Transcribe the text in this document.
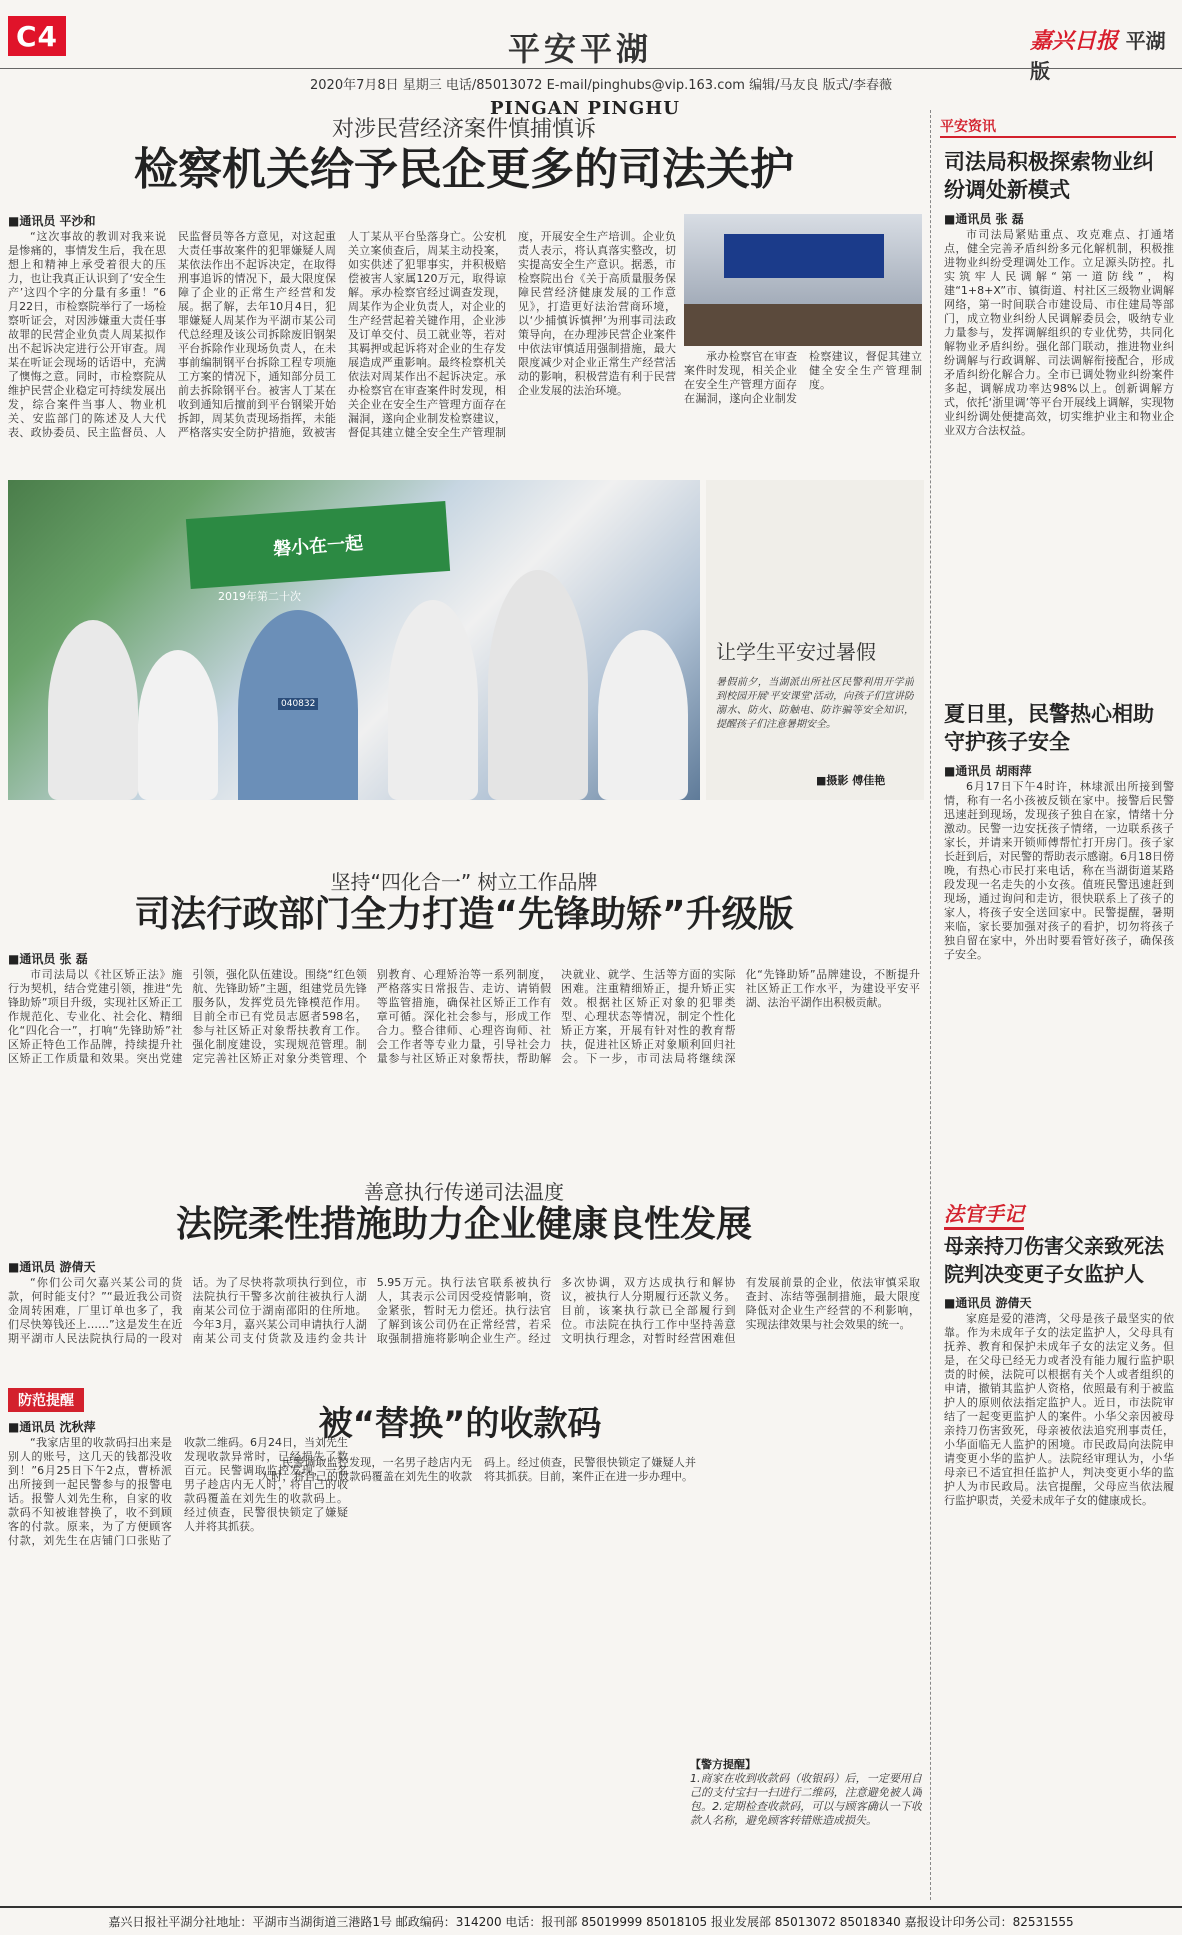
C4	平安平湖	嘉兴日报 平湖版
2020年7月8日 星期三 电话/85013072 E-mail/pinghubs@vip.163.com 编辑/马友良 版式/李春薇
PINGAN PINGHU
对涉民营经济案件慎捕慎诉
检察机关给予民企更多的司法关护
■通讯员 平沙和

“这次事故的教训对我来说是惨痛的，事情发生后，我在思想上和精神上承受着很大的压力，也让我真正认识到了‘安全生产’这四个字的分量有多重！”6月22日，市检察院举行了一场检察听证会，对因涉嫌重大责任事故罪的民营企业负责人周某拟作出不起诉决定进行公开审查。周某在听证会现场的话语中，充满了懊悔之意。同时，市检察院从维护民营企业稳定可持续发展出发，综合案件当事人、物业机关、安监部门的陈述及人大代表、政协委员、民主监督员、人民监督员等各方意见，对这起重大责任事故案件的犯罪嫌疑人周某依法作出不起诉决定，在取得刑事追诉的情况下，最大限度保障了企业的正常生产经营和发展。据了解，去年10月4日，犯罪嫌疑人周某作为平湖市某公司代总经理及该公司拆除废旧钢架平台拆除作业现场负责人，在未事前编制钢平台拆除工程专项施工方案的情况下，通知部分员工前去拆除钢平台。被害人丁某在收到通知后擅前到平台钢梁开始拆卸，周某负责现场指挥，未能严格落实安全防护措施，致被害人丁某从平台坠落身亡。公安机关立案侦查后，周某主动投案，如实供述了犯罪事实，并积极赔偿被害人家属120万元，取得谅解。承办检察官经过调查发现，周某作为企业负责人，对企业的生产经营起着关键作用，企业涉及订单交付、员工就业等，若对其羁押或起诉将对企业的生存发展造成严重影响。最终检察机关依法对周某作出不起诉决定。承办检察官在审查案件时发现，相关企业在安全生产管理方面存在漏洞，遂向企业制发检察建议，督促其建立健全安全生产管理制度，开展安全生产培训。企业负责人表示，将认真落实整改，切实提高安全生产意识。据悉，市检察院出台《关于高质量服务保障民营经济健康发展的工作意见》，打造更好法治营商环境，以‘少捕慎诉慎押’为刑事司法政策导向，在办理涉民营企业案件中依法审慎适用强制措施，最大限度减少对企业正常生产经营活动的影响，积极营造有利于民营企业发展的法治环境。

承办检察官在审查案件时发现，相关企业在安全生产管理方面存在漏洞，遂向企业制发检察建议，督促其建立健全安全生产管理制度。

磐小在一起
2019年第二十次
040832
让学生平安过暑假
暑假前夕，当湖派出所社区民警利用开学前到校园开展'平安课堂'活动，向孩子们宣讲防溺水、防火、防触电、防诈骗等安全知识，提醒孩子们注意暑期安全。
■摄影 傅佳艳
坚持“四化合一” 树立工作品牌
司法行政部门全力打造“先锋助矫”升级版
■通讯员 张 磊

市司法局以《社区矫正法》施行为契机，结合党建引领，推进“先锋助矫”项目升级，实现社区矫正工作规范化、专业化、社会化、精细化“四化合一”，打响“先锋助矫”社区矫正特色工作品牌，持续提升社区矫正工作质量和效果。突出党建引领，强化队伍建设。围绕“红色领航、先锋助矫”主题，组建党员先锋服务队，发挥党员先锋模范作用。目前全市已有党员志愿者598名，参与社区矫正对象帮扶教育工作。强化制度建设，实现规范管理。制定完善社区矫正对象分类管理、个别教育、心理矫治等一系列制度，严格落实日常报告、走访、请销假等监管措施，确保社区矫正工作有章可循。深化社会参与，形成工作合力。整合律师、心理咨询师、社会工作者等专业力量，引导社会力量参与社区矫正对象帮扶，帮助解决就业、就学、生活等方面的实际困难。注重精细矫正，提升矫正实效。根据社区矫正对象的犯罪类型、心理状态等情况，制定个性化矫正方案，开展有针对性的教育帮扶，促进社区矫正对象顺利回归社会。下一步，市司法局将继续深化“先锋助矫”品牌建设，不断提升社区矫正工作水平，为建设平安平湖、法治平湖作出积极贡献。

善意执行传递司法温度
法院柔性措施助力企业健康良性发展
■通讯员 游倩天

“你们公司欠嘉兴某公司的货款，何时能支付？”“最近我公司资金周转困难，厂里订单也多了，我们尽快筹钱还上……”这是发生在近期平湖市人民法院执行局的一段对话。为了尽快将款项执行到位，市法院执行干警多次前往被执行人湖南某公司位于湖南邵阳的住所地。今年3月，嘉兴某公司申请执行人湖南某公司支付货款及违约金共计5.95万元。执行法官联系被执行人，其表示公司因受疫情影响，资金紧张，暂时无力偿还。执行法官了解到该公司仍在正常经营，若采取强制措施将影响企业生产。经过多次协调，双方达成执行和解协议，被执行人分期履行还款义务。目前，该案执行款已全部履行到位。市法院在执行工作中坚持善意文明执行理念，对暂时经营困难但有发展前景的企业，依法审慎采取查封、冻结等强制措施，最大限度降低对企业生产经营的不利影响，实现法律效果与社会效果的统一。

防范提醒
被“替换”的收款码
■通讯员 沈秋萍

“我家店里的收款码扫出来是别人的账号，这几天的钱都没收到！”6月25日下午2点，曹桥派出所接到一起民警参与的报警电话。报警人刘先生称，自家的收款码不知被谁替换了，收不到顾客的付款。原来，为了方便顾客付款，刘先生在店铺门口张贴了收款二维码。6月24日，当刘先生发现收款异常时，已经损失了数百元。民警调取监控发现，一名男子趁店内无人时，将自己的收款码覆盖在刘先生的收款码上。经过侦查，民警很快锁定了嫌疑人并将其抓获。

民警调取监控发现，一名男子趁店内无人时，将自己的收款码覆盖在刘先生的收款码上。经过侦查，民警很快锁定了嫌疑人并将其抓获。目前，案件正在进一步办理中。

【警方提醒】
1.商家在收到收款码（收银码）后，一定要用自己的支付宝扫一扫进行二维码，注意避免被人调包。2.定期检查收款码，可以与顾客确认一下收款人名称，避免顾客转错账造成损失。
平安资讯
司法局积极探索物业纠纷调处新模式
■通讯员 张 磊

市司法局紧贴重点、攻克难点、打通堵点，健全完善矛盾纠纷多元化解机制，积极推进物业纠纷受理调处工作。立足源头防控。扎实筑牢人民调解“第一道防线”，构建“1+8+X”市、镇街道、村社区三级物业调解网络，第一时间联合市建设局、市住建局等部门，成立物业纠纷人民调解委员会，吸纳专业力量参与，发挥调解组织的专业优势，共同化解物业矛盾纠纷。强化部门联动，推进物业纠纷调解与行政调解、司法调解衔接配合，形成矛盾纠纷化解合力。全市已调处物业纠纷案件多起，调解成功率达98%以上。创新调解方式，依托‘浙里调’等平台开展线上调解，实现物业纠纷调处便捷高效，切实维护业主和物业企业双方合法权益。

夏日里，民警热心相助守护孩子安全
■通讯员 胡雨萍

6月17日下午4时许，林埭派出所接到警情，称有一名小孩被反锁在家中。接警后民警迅速赶到现场，发现孩子独自在家，情绪十分激动。民警一边安抚孩子情绪，一边联系孩子家长，并请来开锁师傅帮忙打开房门。孩子家长赶到后，对民警的帮助表示感谢。6月18日傍晚，有热心市民打来电话，称在当湖街道某路段发现一名走失的小女孩。值班民警迅速赶到现场，通过询问和走访，很快联系上了孩子的家人，将孩子安全送回家中。民警提醒，暑期来临，家长要加强对孩子的看护，切勿将孩子独自留在家中，外出时要看管好孩子，确保孩子安全。

法官手记
母亲持刀伤害父亲致死法院判决变更子女监护人
■通讯员 游倩天

家庭是爱的港湾，父母是孩子最坚实的依靠。作为未成年子女的法定监护人，父母具有抚养、教育和保护未成年子女的法定义务。但是，在父母已经无力或者没有能力履行监护职责的时候，法院可以根据有关个人或者组织的申请，撤销其监护人资格，依照最有利于被监护人的原则依法指定监护人。近日，市法院审结了一起变更监护人的案件。小华父亲因被母亲持刀伤害致死，母亲被依法追究刑事责任，小华面临无人监护的困境。市民政局向法院申请变更小华的监护人。法院经审理认为，小华母亲已不适宜担任监护人，判决变更小华的监护人为市民政局。法官提醒，父母应当依法履行监护职责，关爱未成年子女的健康成长。

嘉兴日报社平湖分社地址：平湖市当湖街道三港路1号 邮政编码：314200 电话：报刊部 85019999 85018105 报业发展部 85013072 85018340 嘉报设计印务公司：82531555
